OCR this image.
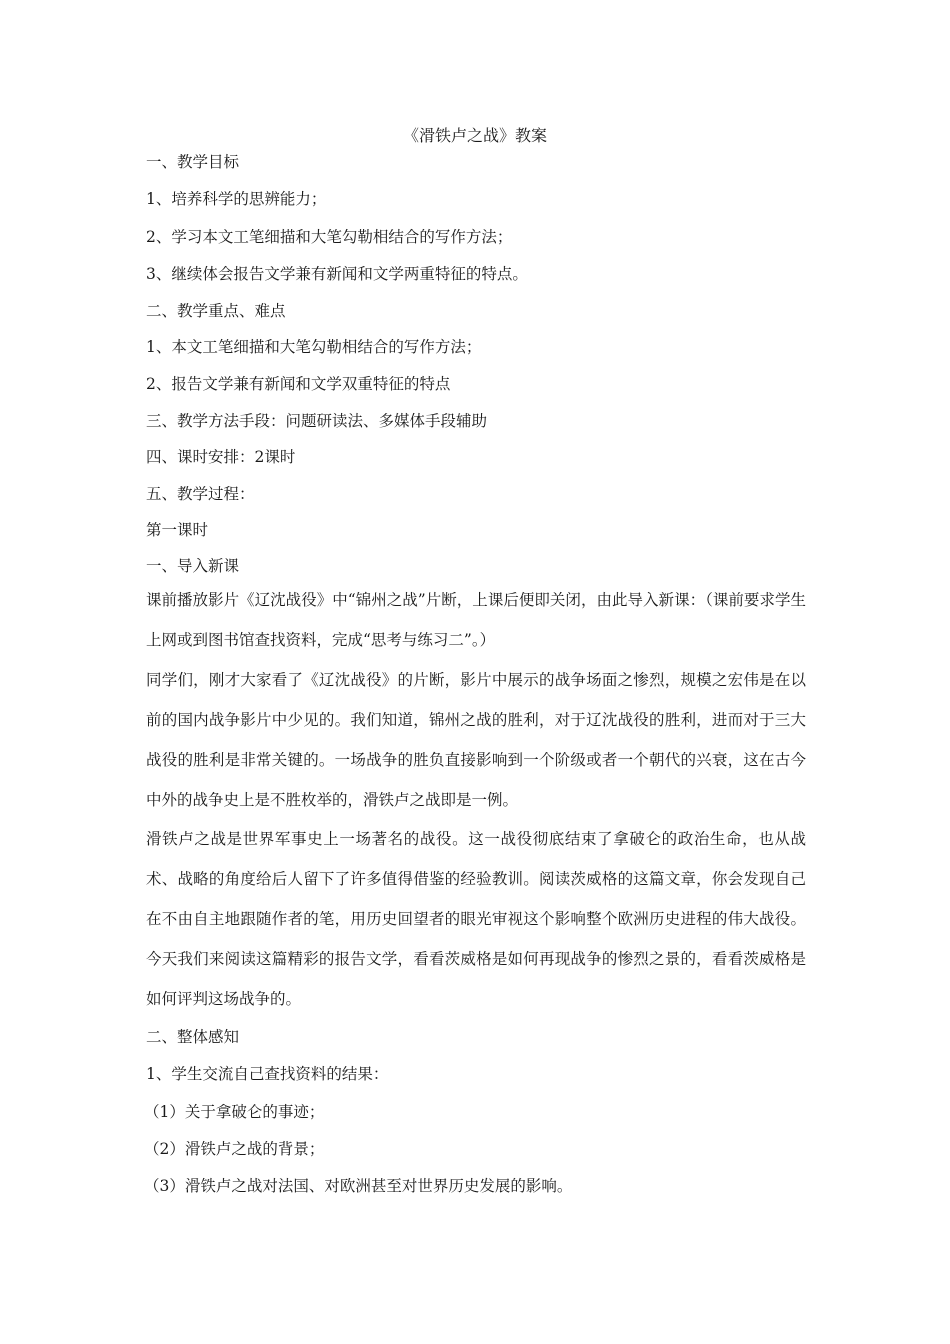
《滑铁卢之战》教案
一、教学目标
1、培养科学的思辨能力；
2、学习本文工笔细描和大笔勾勒相结合的写作方法；
3、继续体会报告文学兼有新闻和文学两重特征的特点。
二、教学重点、难点
1、本文工笔细描和大笔勾勒相结合的写作方法；
2、报告文学兼有新闻和文学双重特征的特点
三、教学方法手段：问题研读法、多媒体手段辅助
四、课时安排：2课时
五、教学过程：
第一课时
一、导入新课
课前播放影片《辽沈战役》中“锦州之战”片断，上课后便即关闭，由此导入新课：（课前要求学生上网或到图书馆查找资料，完成“思考与练习二”。）
同学们，刚才大家看了《辽沈战役》的片断，影片中展示的战争场面之惨烈，规模之宏伟是在以前的国内战争影片中少见的。我们知道，锦州之战的胜利，对于辽沈战役的胜利，进而对于三大战役的胜利是非常关键的。一场战争的胜负直接影响到一个阶级或者一个朝代的兴衰，这在古今中外的战争史上是不胜枚举的，滑铁卢之战即是一例。
滑铁卢之战是世界军事史上一场著名的战役。这一战役彻底结束了拿破仑的政治生命，也从战术、战略的角度给后人留下了许多值得借鉴的经验教训。阅读茨威格的这篇文章，你会发现自己在不由自主地跟随作者的笔，用历史回望者的眼光审视这个影响整个欧洲历史进程的伟大战役。今天我们来阅读这篇精彩的报告文学，看看茨威格是如何再现战争的惨烈之景的，看看茨威格是如何评判这场战争的。
二、整体感知
1、学生交流自己查找资料的结果：
（1）关于拿破仑的事迹；
（2）滑铁卢之战的背景；
（3）滑铁卢之战对法国、对欧洲甚至对世界历史发展的影响。
